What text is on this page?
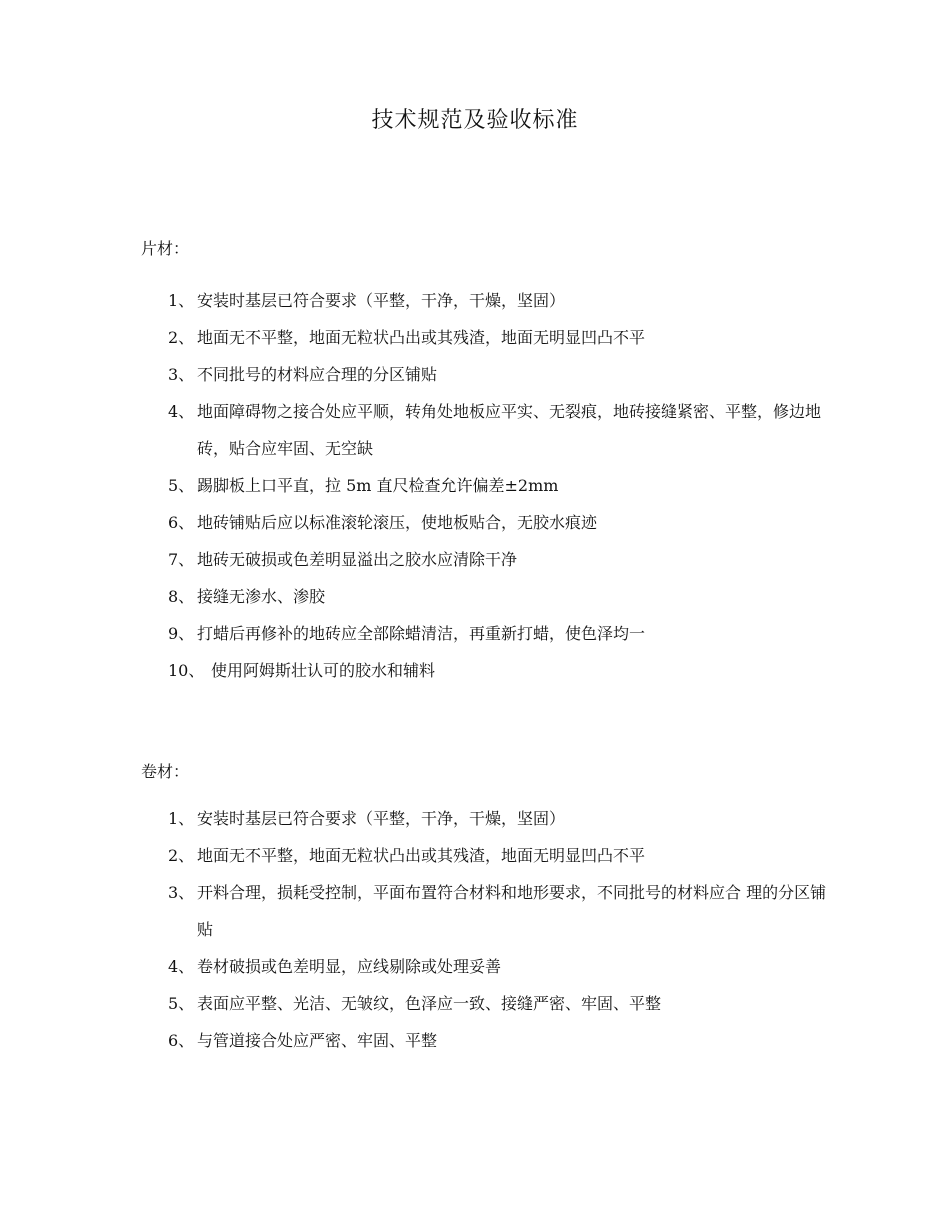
技术规范及验收标准
片材：
1、 安装时基层已符合要求（平整，干净，干燥，坚固）
2、 地面无不平整，地面无粒状凸出或其残渣，地面无明显凹凸不平
3、 不同批号的材料应合理的分区铺贴
4、 地面障碍物之接合处应平顺，转角处地板应平实、无裂痕，地砖接缝紧密、平整，修边地砖，贴合应牢固、无空缺
5、 踢脚板上口平直，拉 5m 直尺检查允许偏差±2mm
6、 地砖铺贴后应以标准滚轮滚压，使地板贴合，无胶水痕迹
7、 地砖无破损或色差明显溢出之胶水应清除干净
8、 接缝无渗水、渗胶
9、 打蜡后再修补的地砖应全部除蜡清洁，再重新打蜡，使色泽均一
10、 使用阿姆斯壮认可的胶水和辅料
卷材：
1、 安装时基层已符合要求（平整，干净，干燥，坚固）
2、 地面无不平整，地面无粒状凸出或其残渣，地面无明显凹凸不平
3、 开料合理，损耗受控制，平面布置符合材料和地形要求，不同批号的材料应合 理的分区铺贴
4、 卷材破损或色差明显，应线剔除或处理妥善
5、 表面应平整、光洁、无皱纹，色泽应一致、接缝严密、牢固、平整
6、 与管道接合处应严密、牢固、平整
